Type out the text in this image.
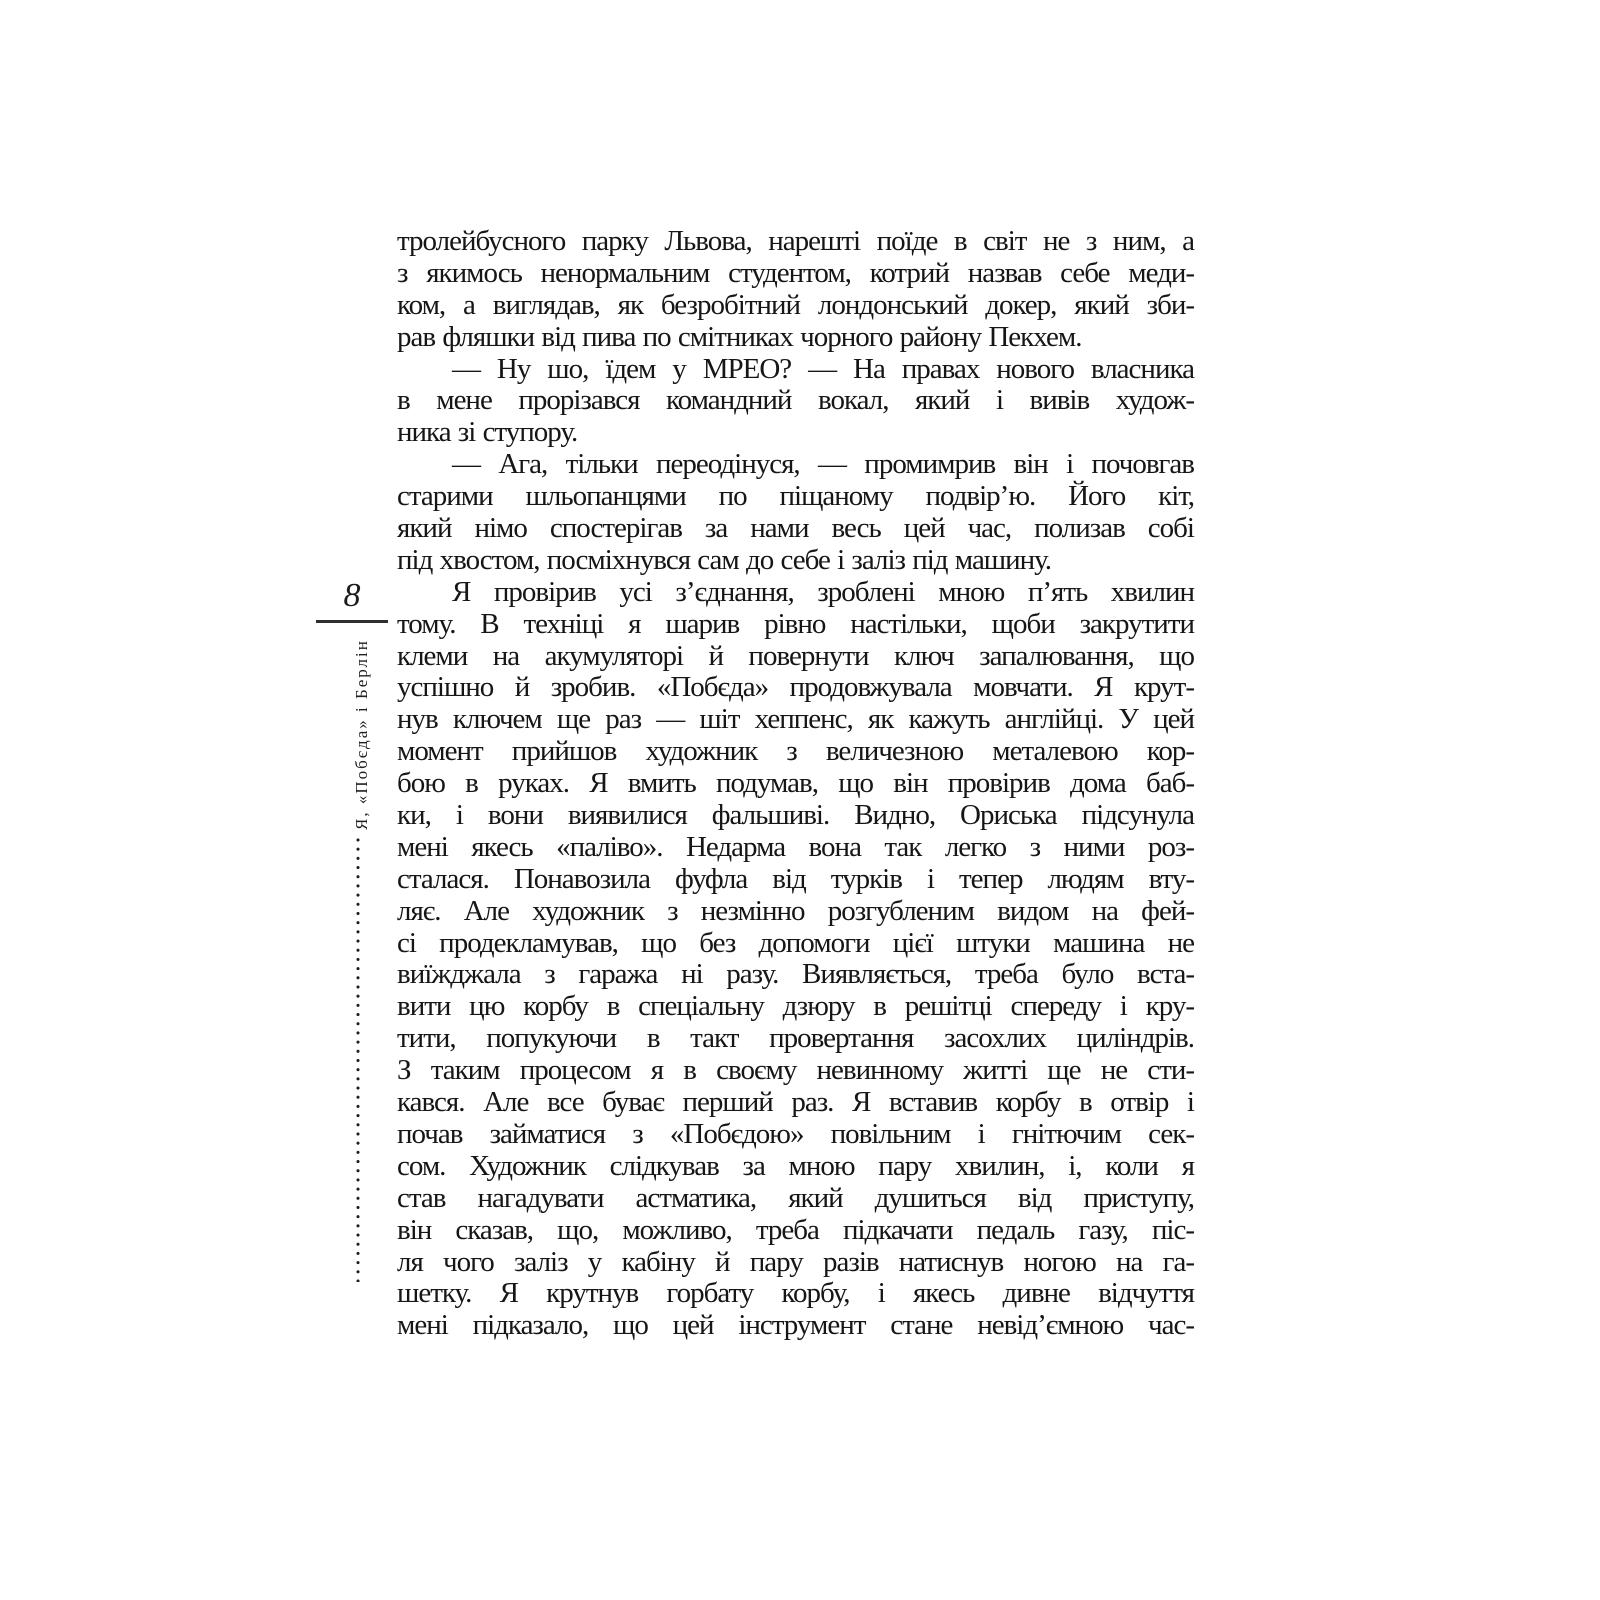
8
Я, «Побєда» і Берлін
тролейбусного парку Львова, нарешті поїде в світ не з ним, а
з якимось ненормальним студентом, котрий назвав себе меди-
ком, а виглядав, як безробітний лондонський докер, який зби-
рав фляшки від пива по смітниках чорного району Пекхем.
— Ну шо, їдем у МРЕО? — На правах нового власника
в мене прорізався командний вокал, який і вивів худож-
ника зі ступору.
— Ага, тільки переодінуся, — промимрив він і почовгав
старими шльопанцями по піщаному подвір’ю. Його кіт,
який німо спостерігав за нами весь цей час, полизав собі
під хвостом, посміхнувся сам до себе і заліз під машину.
Я провірив усі з’єднання, зроблені мною п’ять хвилин
тому. В техніці я шарив рівно настільки, щоби закрутити
клеми на акумуляторі й повернути ключ запалювання, що
успішно й зробив. «Побєда» продовжувала мовчати. Я крут-
нув ключем ще раз — шіт хеппенс, як кажуть англійці. У цей
момент прийшов художник з величезною металевою кор-
бою в руках. Я вмить подумав, що він провірив дома баб-
ки, і вони виявилися фальшиві. Видно, Ориська підсунула
мені якесь «паліво». Недарма вона так легко з ними роз-
сталася. Понавозила фуфла від турків і тепер людям вту-
ляє. Але художник з незмінно розгубленим видом на фей-
сі продекламував, що без допомоги цієї штуки машина не
виїжджала з гаража ні разу. Виявляється, треба було вста-
вити цю корбу в спеціальну дзюру в решітці спереду і кру-
тити, попукуючи в такт провертання засохлих циліндрів.
З таким процесом я в своєму невинному житті ще не сти-
кався. Але все буває перший раз. Я вставив корбу в отвір і
почав займатися з «Побєдою» повільним і гнітючим сек-
сом. Художник слідкував за мною пару хвилин, і, коли я
став нагадувати астматика, який душиться від приступу,
він сказав, що, можливо, треба підкачати педаль газу, піс-
ля чого заліз у кабіну й пару разів натиснув ногою на га-
шетку. Я крутнув горбату корбу, і якесь дивне відчуття
мені підказало, що цей інструмент стане невід’ємною час-
